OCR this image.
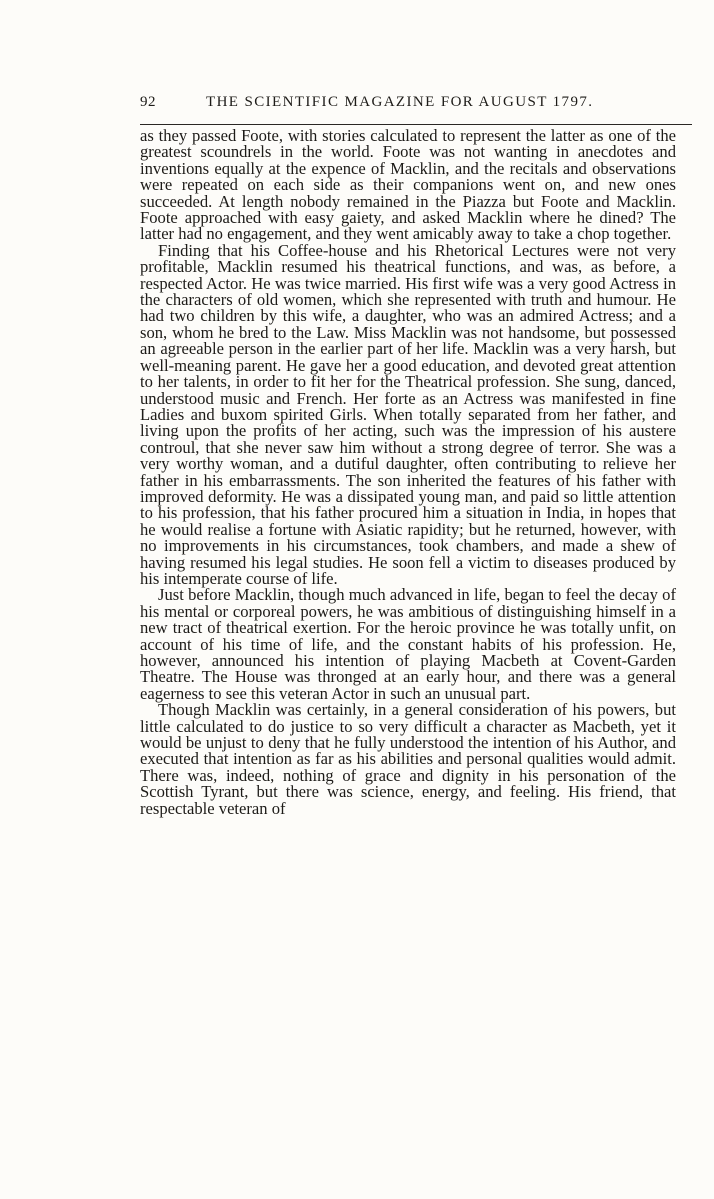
92	THE SCIENTIFIC MAGAZINE FOR AUGUST 1797.

as they passed Foote, with stories calculated to represent the latter as one of the greatest scoundrels in the world. Foote was not wanting in anecdotes and inventions equally at the expence of Macklin, and the recitals and observations were repeated on each side as their companions went on, and new ones succeeded. At length nobody remained in the Piazza but Foote and Macklin. Foote approached with easy gaiety, and asked Macklin where he dined? The latter had no engagement, and they went amicably away to take a chop together.

Finding that his Coffee-house and his Rhetorical Lectures were not very profitable, Macklin resumed his theatrical functions, and was, as before, a respected Actor. He was twice married. His first wife was a very good Actress in the characters of old women, which she represented with truth and humour. He had two children by this wife, a daughter, who was an admired Actress; and a son, whom he bred to the Law. Miss Macklin was not handsome, but possessed an agreeable person in the earlier part of her life. Macklin was a very harsh, but well-meaning parent. He gave her a good education, and devoted great attention to her talents, in order to fit her for the Theatrical profession. She sung, danced, understood music and French. Her forte as an Actress was manifested in fine Ladies and buxom spirited Girls. When totally separated from her father, and living upon the profits of her acting, such was the impression of his austere controul, that she never saw him without a strong degree of terror. She was a very worthy woman, and a dutiful daughter, often contributing to relieve her father in his embarrassments. The son inherited the features of his father with improved deformity. He was a dissipated young man, and paid so little attention to his profession, that his father procured him a situation in India, in hopes that he would realise a fortune with Asiatic rapidity; but he returned, however, with no improvements in his circumstances, took chambers, and made a shew of having resumed his legal studies. He soon fell a victim to diseases produced by his intemperate course of life.

Just before Macklin, though much advanced in life, began to feel the decay of his mental or corporeal powers, he was ambitious of distinguishing himself in a new tract of theatrical exertion. For the heroic province he was totally unfit, on account of his time of life, and the constant habits of his profession. He, however, announced his intention of playing Macbeth at Covent-Garden Theatre. The House was thronged at an early hour, and there was a general eagerness to see this veteran Actor in such an unusual part.

Though Macklin was certainly, in a general consideration of his powers, but little calculated to do justice to so very difficult a character as Macbeth, yet it would be unjust to deny that he fully understood the intention of his Author, and executed that intention as far as his abilities and personal qualities would admit. There was, indeed, nothing of grace and dignity in his personation of the Scottish Tyrant, but there was science, energy, and feeling. His friend, that respectable veteran of
